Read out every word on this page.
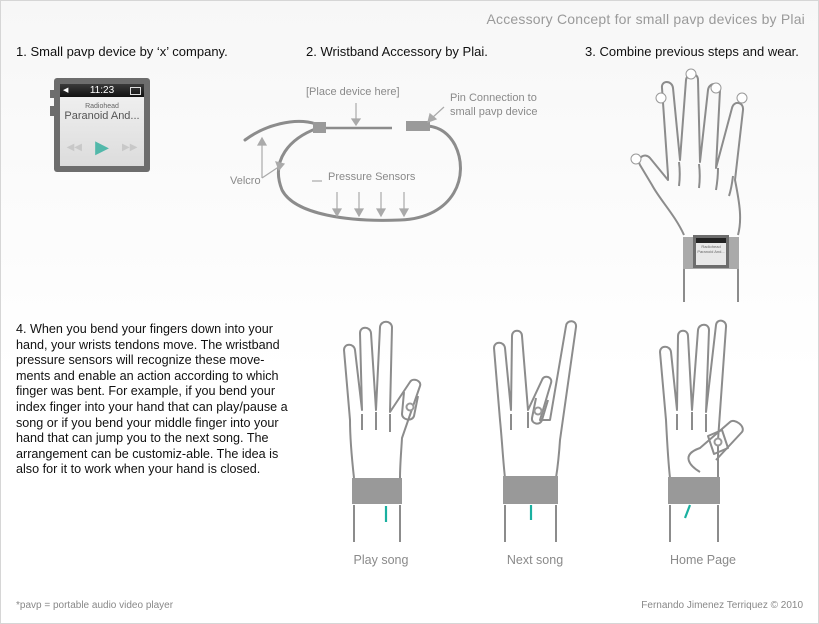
Accessory Concept for small pavp devices by Plai
1. Small pavp device by ‘x’ company.	2. Wristband Accessory by Plai.	3. Combine previous steps and wear.
◀ 11:23
Radiohead
Paranoid And...
◀◀ ▶ ▶▶
[Place device here]	Pin Connection to small pavp device
Velcro	Pressure Sensors
Radiohead
Paranoid And...

4. When you bend your fingers down into your hand, your wrists tendons move. The wristband pressure sensors will recognize these move-ments and enable an action according to which finger was bent. For example, if you bend your index finger into your hand that can play/pause a song or if you bend your middle finger into your hand that can jump you to the next song. The arrangement can be customiz-able. The idea is also for it to work when your hand is closed.

Play song	Next song	Home Page
*pavp = portable audio video player	Fernando Jimenez Terriquez © 2010
